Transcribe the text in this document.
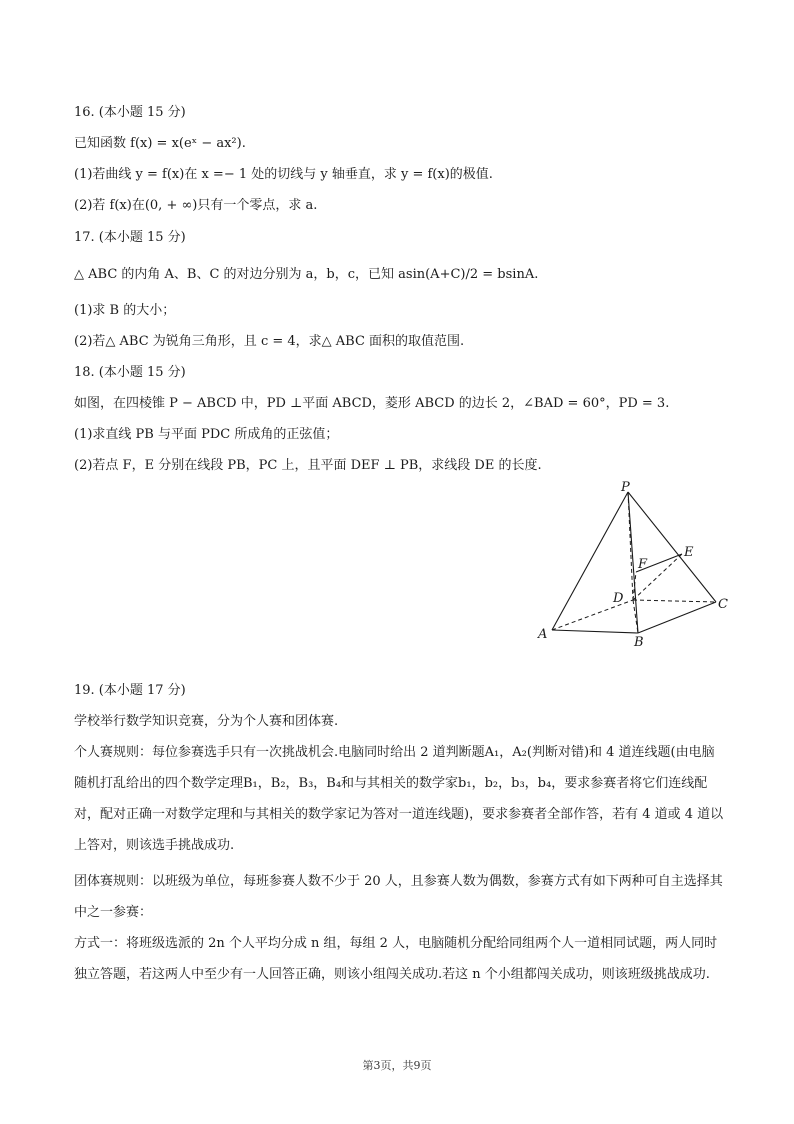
16. (本小题 15 分)
已知函数 f(x) = x(eˣ − ax²).
(1)若曲线 y = f(x)在 x =− 1 处的切线与 y 轴垂直，求 y = f(x)的极值.
(2)若 f(x)在(0, + ∞)只有一个零点，求 a.
17. (本小题 15 分)
△ ABC 的内角 A、B、C 的对边分别为 a，b，c，已知 asin(A+C)/2 = bsinA.
(1)求 B 的大小；
(2)若△ ABC 为锐角三角形，且 c = 4，求△ ABC 面积的取值范围.
18. (本小题 15 分)
如图，在四棱锥 P − ABCD 中，PD ⊥平面 ABCD，菱形 ABCD 的边长 2，∠BAD = 60°，PD = 3.
(1)求直线 PB 与平面 PDC 所成角的正弦值；
(2)若点 F，E 分别在线段 PB，PC 上，且平面 DEF ⊥ PB，求线段 DE 的长度.
P
E
F
D	C
A
B
19. (本小题 17 分)
学校举行数学知识竞赛，分为个人赛和团体赛.
个人赛规则：每位参赛选手只有一次挑战机会.电脑同时给出 2 道判断题A₁，A₂(判断对错)和 4 道连线题(由电脑随机打乱给出的四个数学定理B₁，B₂，B₃，B₄和与其相关的数学家b₁，b₂，b₃，b₄，要求参赛者将它们连线配对，配对正确一对数学定理和与其相关的数学家记为答对一道连线题)，要求参赛者全部作答，若有 4 道或 4 道以上答对，则该选手挑战成功.
团体赛规则：以班级为单位，每班参赛人数不少于 20 人，且参赛人数为偶数，参赛方式有如下两种可自主选择其中之一参赛：
方式一：将班级选派的 2n 个人平均分成 n 组，每组 2 人，电脑随机分配给同组两个人一道相同试题，两人同时独立答题，若这两人中至少有一人回答正确，则该小组闯关成功.若这 n 个小组都闯关成功，则该班级挑战成功.
第3页，共9页
